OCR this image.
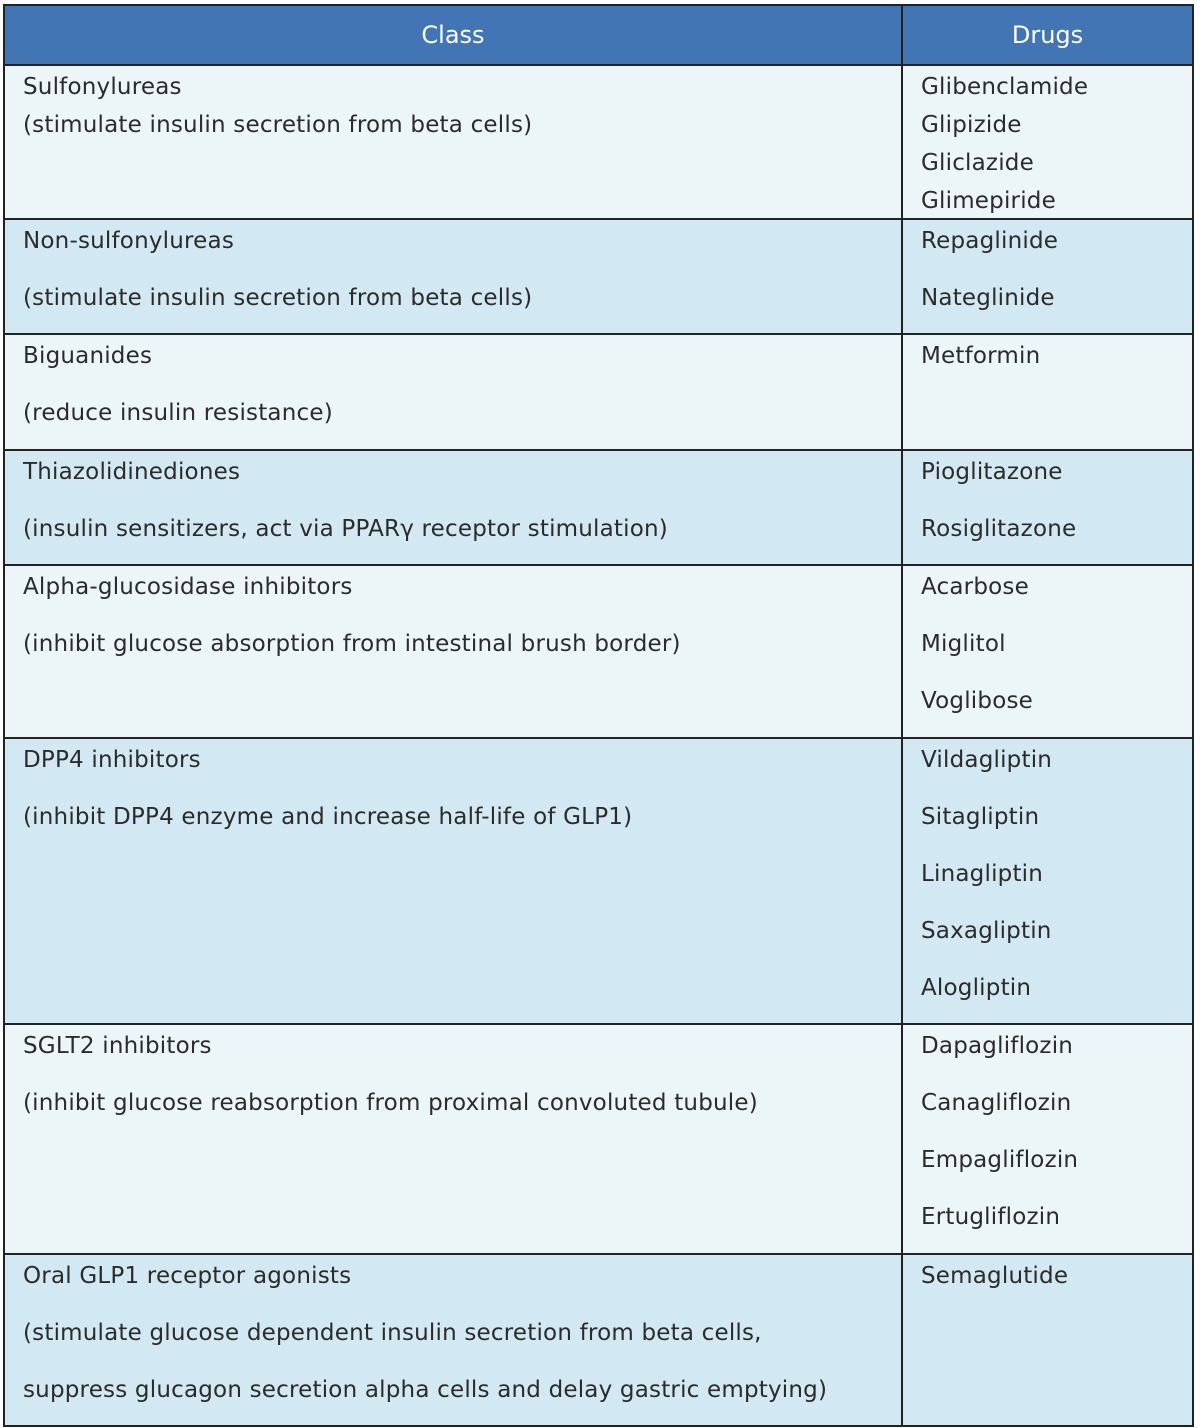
Class	Drugs
Sulfonylureas
(stimulate insulin secretion from beta cells)
Glibenclamide
Glipizide
Gliclazide
Glimepiride
Non-sulfonylureas
(stimulate insulin secretion from beta cells)
Repaglinide
Nateglinide
Biguanides
(reduce insulin resistance)
Metformin
Thiazolidinediones
(insulin sensitizers, act via PPARγ receptor stimulation)
Pioglitazone
Rosiglitazone
Alpha-glucosidase inhibitors
(inhibit glucose absorption from intestinal brush border)
Acarbose
Miglitol
Voglibose
DPP4 inhibitors
(inhibit DPP4 enzyme and increase half-life of GLP1)
Vildagliptin
Sitagliptin
Linagliptin
Saxagliptin
Alogliptin
SGLT2 inhibitors
(inhibit glucose reabsorption from proximal convoluted tubule)
Dapagliflozin
Canagliflozin
Empagliflozin
Ertugliflozin
Oral GLP1 receptor agonists
(stimulate glucose dependent insulin secretion from beta cells,
suppress glucagon secretion alpha cells and delay gastric emptying)
Semaglutide
